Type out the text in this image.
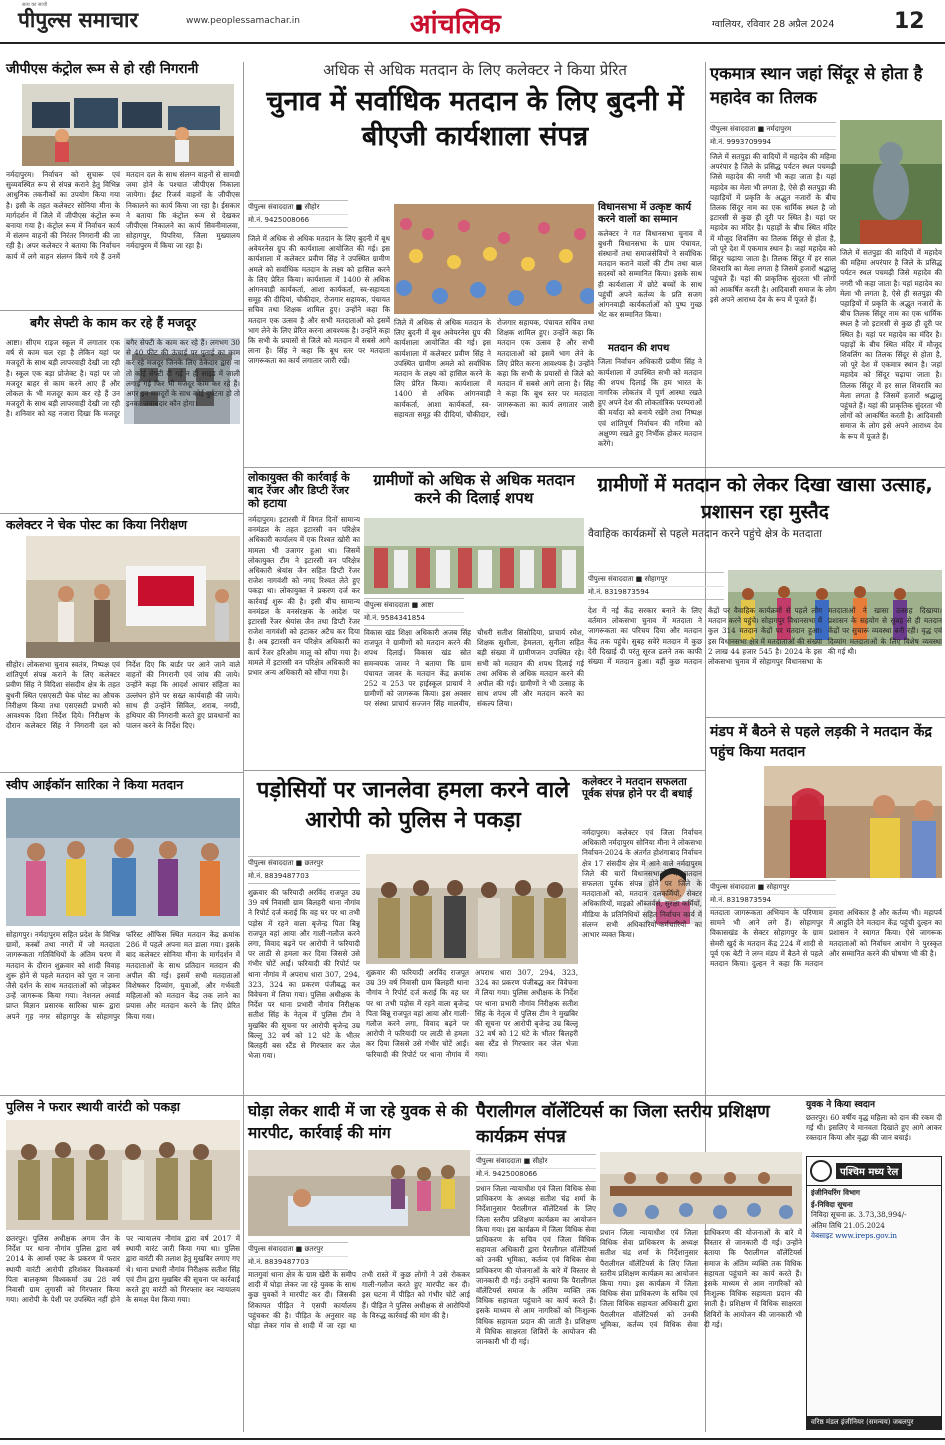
पीपुल्स समाचार
सत्य का साथी
www.peoplessamachar.in	आंचलिक	ग्वालियर, रविवार 28 अप्रैल 2024	12
जीपीएस कंट्रोल रूम से हो रही निगरानी
नर्मदापुरम। निर्वाचन को सुचारू एवं सुव्यवस्थित रूप से संपन्न कराने हेतु विभिन्न आधुनिक तकनीकों का उपयोग किया गया है। इसी के तहत कलेक्टर सोनिया मीना के मार्गदर्शन में जिले में जीपीएस कंट्रोल रूम बनाया गया है। कंट्रोल रूम में निर्वाचन कार्य में संलग्न वाहनों की निरंतर निगरानी की जा रही है। अपर कलेक्टर ने बताया कि निर्वाचन कार्य में लगे वाहन संलग्न किये गये हैं उनमें मतदान दल के साथ संलग्न वाहनों से सामग्री जमा होने के पश्चात जीपीएस निकाला जायेगा। ईस्ट रिजर्व वाहनों के जीपीएस निकालने का कार्य किया जा रहा है। ईसकार ने बताया कि कंट्रोल रूम से देखकर जीपीएस निकालने का कार्य सिवनीमालवा, सोहागपुर, पिपरिया, जिला मुख्यालय नर्मदापुरम में किया जा रहा है।
बगैर सेफ्टी के काम कर रहे हैं मजदूर
आष्टा। सीएम राइज स्कूल में लगातार एक वर्ष से काम चल रहा है लेकिन यहां पर मजदूरों के साथ बड़ी लापरवाही देखी जा रही है। स्कूल एक बड़ा प्रोजेक्ट है। यहां पर जो मजदूर बाहर से काम करने आए हैं और लोकल के भी मजदूर काम कर रहे हैं उन मजदूरों के साथ बड़ी लापरवाही देखी जा रही है। शनिवार को यह नजारा दिखा कि मजदूर बगैर सेफ्टी के काम कर रहे हैं। लगभग 30 से 40 फीट की ऊंचाई पर पुताई का काम कर रहे मजदूर जिनके लिए ठेकेदार द्वारा ना तो कोई सेफ्टी दी गई न ही साइड में जाली लगाई गई फिर भी मजदूर काम कर रहे हैं। अगर इन मजदूरों के साथ कोई दुर्घटना हो तो इनका जवाबदार कौन होगा।
कलेक्टर ने चेक पोस्ट का किया निरीक्षण
सीहोर। लोकसभा चुनाव स्वतंत्र, निष्पक्ष एवं शांतिपूर्ण संपन्न कराने के लिए कलेक्टर प्रवीण सिंह ने विदिशा संसदीय क्षेत्र के तहत बुधनी स्थित एसएसटी चेक पोस्ट का औचक निरीक्षण किया तथा एसएसटी प्रभारी को आवश्यक दिशा निर्देश दिये। निरीक्षण के दौरान कलेक्टर सिंह ने निगरानी दल को निर्देश दिए कि बार्डर पर आने जाने वाले वाहनों की निगरानी एवं जांच की जाये। उन्होंने कहा कि आदर्श आचार संहिता का उल्लंघन होने पर सख्त कार्यवाही की जाये। साथ ही उन्होंने सिविल, शराब, नगदी, हथियार की निगरानी करते हुए प्रावधानों का पालन करने के निर्देश दिए।
स्वीप आईकॉन सारिका ने किया मतदान
सोहागपुर। नर्मदापुरम सहित प्रदेश के विभिन्न ग्रामों, कस्बों तथा नगरों में जो मतदाता जागरूकता गतिविधियों के अंतिम चरण में मतदान के दौरान शुक्रवार को शादी विवाह शुरू होने से पहले मतदान को पूरा न जाना जैसे दर्शन के साथ मतदाताओं को जोड़कर उन्हें जागरूक किया गया। नेशनल अवार्ड प्राप्त विज्ञान प्रसारक सारिका घारू द्वारा अपने गृह नगर सोहागपुर के सोहागपुर फॉरेस्ट ऑफिस स्थित मतदान केंद्र क्रमांक 286 में पहले अपना मत डाला गया। इसके बाद कलेक्टर सोनिया मीना के मार्गदर्शन में मतदाताओं के साथ प्रतिदान मतदान की अपील की गई। इसमें सभी मतदाताओं विशेषकर दिव्यांग, युवाओं, और गर्भवती महिलाओं को मतदान केंद्र तक लाने का प्रयास और मतदान करने के लिए प्रेरित किया गया।
पुलिस ने फरार स्थायी वारंटी को पकड़ा
छतरपुर। पुलिस अधीक्षक अगम जैन के निर्देश पर थाना नौगांव पुलिस द्वारा वर्ष 2014 के आर्म्स एक्ट के प्रकरण में फरार स्थायी वारंटी आरोपी हरिशंकर विश्वकर्मा पिता बालकृष्ण विश्वकर्मा उम्र 28 वर्ष निवासी ग्राम लुगासी को गिरफ्तार किया गया। आरोपी के पेशी पर उपस्थित नहीं होने पर न्यायालय नौगांव द्वारा वर्ष 2017 में स्थायी वारंट जारी किया गया था। पुलिस द्वारा वारंटी की तलाश हेतु मुखबिर लगाए गए थे। थाना प्रभारी नौगांव निरीक्षक सतीश सिंह एवं टीम द्वारा मुखबिर की सूचना पर कार्रवाई करते हुए वारंटी को गिरफ्तार कर न्यायालय के समक्ष पेश किया गया।
अधिक से अधिक मतदान के लिए कलेक्टर ने किया प्रेरित
चुनाव में सर्वाधिक मतदान के लिए बुदनी में बीएजी कार्यशाला संपन्न
पीपुल्स संवाददाता ■ सीहोर
मो.नं. 9425008066
जिले में अधिक से अधिक मतदान के लिए बुदनी में बूथ अवेयरनेस ग्रुप की कार्यशाला आयोजित की गई। इस कार्यशाला में कलेक्टर प्रवीण सिंह ने उपस्थित ग्रामीण अमले को सर्वाधिक मतदान के लक्ष्य को हासिल करने के लिए प्रेरित किया। कार्यशाला में 1400 से अधिक आंगनवाड़ी कार्यकर्ता, आशा कार्यकर्ता, स्व-सहायता समूह की दीदियां, चौकीदार, रोजगार सहायक, पंचायत सचिव तथा शिक्षक शामिल हुए। उन्होंने कहा कि मतदान एक उत्सव है और सभी मतदाताओं को इसमें भाग लेने के लिए प्रेरित करना आवश्यक है। उन्होंने कहा कि सभी के प्रयासों से जिले को मतदान में सबसे आगे लाना है। सिंह ने कहा कि बूथ स्तर पर मतदाता जागरूकता का कार्य लगातार जारी रखें।
जिले में अधिक से अधिक मतदान के लिए बुदनी में बूथ अवेयरनेस ग्रुप की कार्यशाला आयोजित की गई। इस कार्यशाला में कलेक्टर प्रवीण सिंह ने उपस्थित ग्रामीण अमले को सर्वाधिक मतदान के लक्ष्य को हासिल करने के लिए प्रेरित किया। कार्यशाला में 1400 से अधिक आंगनवाड़ी कार्यकर्ता, आशा कार्यकर्ता, स्व-सहायता समूह की दीदियां, चौकीदार, रोजगार सहायक, पंचायत सचिव तथा शिक्षक शामिल हुए। उन्होंने कहा कि मतदान एक उत्सव है और सभी मतदाताओं को इसमें भाग लेने के लिए प्रेरित करना आवश्यक है। उन्होंने कहा कि सभी के प्रयासों से जिले को मतदान में सबसे आगे लाना है। सिंह ने कहा कि बूथ स्तर पर मतदाता जागरूकता का कार्य लगातार जारी रखें।
विधानसभा में उत्कृष्ट कार्य करने वालों का सम्मान
कलेक्टर ने गत विधानसभा चुनाव में बुधनी विधानसभा के ग्राम पंचायत, संस्थानों तथा समाजसेवियों ने सर्वाधिक मतदान कराने वालों की टीम तथा बाल सदस्यों को सम्मानित किया। इसके साथ ही कार्यशाला में छोटे बच्चों के साथ पहुंचीं अपने कर्तव्य के प्रति सजग आंगनवाड़ी कार्यकर्ताओं को पुष्प गुच्छ भेंट कर सम्मानित किया।
मतदान की शपथ
जिला निर्वाचन अधिकारी प्रवीण सिंह ने कार्यशाला में उपस्थित सभी को मतदान की शपथ दिलाई कि हम भारत के नागरिक लोकतंत्र में पूर्ण आस्था रखते हुए अपने देश की लोकतांत्रिक परम्पराओं की मर्यादा को बनाये रखेंगे तथा निष्पक्ष एवं शांतिपूर्ण निर्वाचन की गरिमा को अक्षुण्ण रखते हुए निर्भीक होकर मतदान करेंगे।
लोकायुक्त की कार्रवाई के बाद रेंजर और डिप्टी रेंजर को हटाया
नर्मदापुरम। इटारसी में विगत दिनों सामान्य वनमंडल के तहत इटारसी वन परिक्षेत्र अधिकारी कार्यालय में एक रिश्वत खोरी का मामला भी उजागर हुआ था। जिसमें लोकायुक्त टीम ने इटारसी वन परिक्षेत्र अधिकारी श्रेयांस जैन सहित डिप्टी रेंजर राजेश नागवंशी को नगद रिश्वत लेते हुए पकड़ा था। लोकायुक्त ने प्रकरण दर्ज कर कार्रवाई शुरू की है। इसी बीच सामान्य वनमंडल के वनसंरक्षक के आदेश पर इटारसी रेंजर श्रेयांस जैन तथा डिप्टी रेंजर राजेश नागवंशी को हटाकर अटैच कर दिया है। अब इटारसी वन परिक्षेत्र अधिकारी का कार्य रेंजर हरिओम मालू को सौंपा गया है। मामले में इटारसी वन परिक्षेत्र अधिकारी का प्रभार अन्य अधिकारी को सौंपा गया है।
ग्रामीणों को अधिक से अधिक मतदान करने की दिलाई शपथ
पीपुल्स संवाददाता ■ आष्टा
मो.नं. 9584341854
विकास खंड शिक्षा अधिकारी अजब सिंह राजपूत ने ग्रामीणों को मतदान करने की शपथ दिलाई। विकास खंड स्रोत समन्वयक जावर ने बताया कि ग्राम पंचायत जावर के मतदान केंद्र क्रमांक 252 व 253 पर हाईस्कूल प्राचार्य ने ग्रामीणों को जागरूक किया। इस अवसर पर संस्था प्राचार्य सज्जन सिंह मालवीय, चौधरी सतीश सिसोदिया, प्राचार्य रमेश, शिक्षक सुशीला, हेमलता, सुनीता सहित बड़ी संख्या में ग्रामीणजन उपस्थित रहे। सभी को मतदान की शपथ दिलाई गई तथा अधिक से अधिक मतदान करने की अपील की गई। ग्रामीणों ने भी उत्साह के साथ शपथ ली और मतदान करने का संकल्प लिया।
ग्रामीणों में मतदान को लेकर दिखा खासा उत्साह, प्रशासन रहा मुस्तैद
वैवाहिक कार्यक्रमों से पहले मतदान करने पहुंचे क्षेत्र के मतदाता
पीपुल्स संवाददाता ■ सोहागपुर
मो.नं. 8319873594
देश में नई केंद्र सरकार बनाने के लिए वर्तमान लोकसभा चुनाव में मतदाता ने जागरूकता का परिचय दिया और मतदान केंद्र तक पहुंचे। सुबह सवेरे मतदान में कुछ देरी दिखाई दी परंतु सूरज ढलने तक काफी संख्या में मतदान हुआ। वहीं कुछ मतदान केंद्रों पर वैवाहिक कार्यक्रमों से पहले लोग मतदान करने पहुंचे। सोहागपुर विधानसभा में कुल 314 मतदान केंद्रों पर मतदान हुआ। इस विधानसभा क्षेत्र में मतदाताओं की संख्या 2 लाख 44 हजार 545 है। 2024 के इस लोकसभा चुनाव में सोहागपुर विधानसभा के मतदाताओं ने खासा उत्साह दिखाया। प्रशासन के सहयोग से सुबह से ही मतदान केंद्रों पर सुचारू व्यवस्था बनी रही। वृद्ध एवं दिव्यांग मतदाताओं के लिए विशेष व्यवस्था की गई थी।
पड़ोसियों पर जानलेवा हमला करने वाले आरोपी को पुलिस ने पकड़ा
पीपुल्स संवाददाता ■ छतरपुर
मो.नं. 8839487703
शुक्रवार की फरियादी अरविंद राजपूत उम्र 39 वर्ष निवासी ग्राम बिलहरी थाना नौगांव ने रिपोर्ट दर्ज कराई कि वह घर पर था तभी पड़ोस में रहने वाला बृजेन्द्र पिता बिन्नू राजपूत वहां आया और गाली-गलौज करने लगा, विवाद बढ़ने पर आरोपी ने फरियादी पर लाठी से हमला कर दिया जिससे उसे गंभीर चोटें आईं। फरियादी की रिपोर्ट पर थाना नौगांव में अपराध धारा 307, 294, 323, 324 का प्रकरण पंजीबद्ध कर विवेचना में लिया गया। पुलिस अधीक्षक के निर्देश पर थाना प्रभारी नौगांव निरीक्षक सतीश सिंह के नेतृत्व में पुलिस टीम ने मुखबिर की सूचना पर आरोपी बृजेन्द्र उम्र बिल्लू 32 वर्ष को 12 घंटे के भीतर बिलहरी बस स्टैंड से गिरफ्तार कर जेल भेजा गया।
शुक्रवार की फरियादी अरविंद राजपूत उम्र 39 वर्ष निवासी ग्राम बिलहरी थाना नौगांव ने रिपोर्ट दर्ज कराई कि वह घर पर था तभी पड़ोस में रहने वाला बृजेन्द्र पिता बिन्नू राजपूत वहां आया और गाली-गलौज करने लगा, विवाद बढ़ने पर आरोपी ने फरियादी पर लाठी से हमला कर दिया जिससे उसे गंभीर चोटें आईं। फरियादी की रिपोर्ट पर थाना नौगांव में अपराध धारा 307, 294, 323, 324 का प्रकरण पंजीबद्ध कर विवेचना में लिया गया। पुलिस अधीक्षक के निर्देश पर थाना प्रभारी नौगांव निरीक्षक सतीश सिंह के नेतृत्व में पुलिस टीम ने मुखबिर की सूचना पर आरोपी बृजेन्द्र उम्र बिल्लू 32 वर्ष को 12 घंटे के भीतर बिलहरी बस स्टैंड से गिरफ्तार कर जेल भेजा गया।
कलेक्टर ने मतदान सफलता पूर्वक संपन्न होने पर दी बधाई
नर्मदापुरम। कलेक्टर एवं जिला निर्वाचन अधिकारी नर्मदापुरम सोनिया मीना ने लोकसभा निर्वाचन-2024 के अंतर्गत होशंगाबाद निर्वाचन क्षेत्र 17 संसदीय क्षेत्र में आने वाले नर्मदापुरम जिले की चारों विधानसभाओं में मतदान सफलता पूर्वक संपन्न होने पर जिले के मतदाताओं को, मतदान दलकर्मियों, सेक्टर अधिकारियों, माइक्रो ऑब्जर्वर्स, सुरक्षा कर्मियों, मीडिया के प्रतिनिधियों सहित निर्वाचन कार्य में संलग्न सभी अधिकारियों-कर्मचारियों का आभार व्यक्त किया।
एकमात्र स्थान जहां सिंदूर से होता है महादेव का तिलक
पीपुल्स संवाददाता ■ नर्मदापुरम
मो.नं. 9993709994
जिले में सतपुड़ा की वादियों में महादेव की महिमा अपरंपार है जिले के प्रसिद्ध पर्यटन स्थल पचमढ़ी जिसे महादेव की नगरी भी कहा जाता है। यहां महादेव का मेला भी लगता है, ऐसे ही सतपुड़ा की पहाड़ियों में प्रकृति के अद्भुत नजारों के बीच तिलक सिंदूर नाम का एक धार्मिक स्थल है जो इटारसी से कुछ ही दूरी पर स्थित है। यहां पर महादेव का मंदिर है। पहाड़ों के बीच स्थित मंदिर में मौजूद शिवलिंग का तिलक सिंदूर से होता है, जो पूरे देश में एकमात्र स्थान है। जहां महादेव को सिंदूर चढ़ाया जाता है। तिलक सिंदूर में हर साल शिवरात्रि का मेला लगता है जिसमें हजारों श्रद्धालु पहुंचते हैं। यहां की प्राकृतिक सुंदरता भी लोगों को आकर्षित करती है। आदिवासी समाज के लोग इसे अपने आराध्य देव के रूप में पूजते हैं।
जिले में सतपुड़ा की वादियों में महादेव की महिमा अपरंपार है जिले के प्रसिद्ध पर्यटन स्थल पचमढ़ी जिसे महादेव की नगरी भी कहा जाता है। यहां महादेव का मेला भी लगता है, ऐसे ही सतपुड़ा की पहाड़ियों में प्रकृति के अद्भुत नजारों के बीच तिलक सिंदूर नाम का एक धार्मिक स्थल है जो इटारसी से कुछ ही दूरी पर स्थित है। यहां पर महादेव का मंदिर है। पहाड़ों के बीच स्थित मंदिर में मौजूद शिवलिंग का तिलक सिंदूर से होता है, जो पूरे देश में एकमात्र स्थान है। जहां महादेव को सिंदूर चढ़ाया जाता है। तिलक सिंदूर में हर साल शिवरात्रि का मेला लगता है जिसमें हजारों श्रद्धालु पहुंचते हैं। यहां की प्राकृतिक सुंदरता भी लोगों को आकर्षित करती है। आदिवासी समाज के लोग इसे अपने आराध्य देव के रूप में पूजते हैं।
मंडप में बैठने से पहले लड़की ने मतदान केंद्र पहुंच किया मतदान
पीपुल्स संवाददाता ■ सोहागपुर
मो.नं. 8319873594
मतदाता जागरूकता अभियान के परिणाम सामने भी आने लगे हैं। सोहागपुर विकासखंड के सेक्टर सोहागपुर के ग्राम सेमरी खुर्द के मतदान केंद्र 224 में शादी से पूर्व एक बेटी ने लग्न मंडप में बैठने से पहले मतदान किया। दुल्हन ने कहा कि मतदान हमारा अधिकार है और कर्तव्य भी। महापर्व में आहुति देने मतदान केंद्र पहुंची दुल्हन का प्रशासन ने स्वागत किया। ऐसे जागरूक मतदाताओं को निर्वाचन आयोग ने पुरस्कृत और सम्मानित करने की घोषणा भी की है।
घोड़ा लेकर शादी में जा रहे युवक से की मारपीट, कार्रवाई की मांग
पीपुल्स संवाददाता ■ छतरपुर
मो.नं. 8839487703
मातगुवां थाना क्षेत्र के ग्राम खेरी के समीप शादी में घोड़ा लेकर जा रहे युवक के साथ कुछ युवकों ने मारपीट कर दी। जिसकी शिकायत पीड़ित ने एसपी कार्यालय पहुंचकर की है। पीड़ित के अनुसार वह घोड़ा लेकर गांव से शादी में जा रहा था तभी रास्ते में कुछ लोगों ने उसे रोककर गाली-गलौज करते हुए मारपीट कर दी। इस घटना में पीड़ित को गंभीर चोटें आई हैं। पीड़ित ने पुलिस अधीक्षक से आरोपियों के विरुद्ध कार्रवाई की मांग की है।
पैरालीगल वॉलेंटियर्स का जिला स्तरीय प्रशिक्षण कार्यक्रम संपन्न
पीपुल्स संवाददाता ■ सीहोर
मो.नं. 9425008066
प्रधान जिला न्यायाधीश एवं जिला विधिक सेवा प्राधिकरण के अध्यक्ष सतीश चंद्र शर्मा के निर्देशानुसार पैरालीगल वॉलेंटियर्स के लिए जिला स्तरीय प्रशिक्षण कार्यक्रम का आयोजन किया गया। इस कार्यक्रम में जिला विधिक सेवा प्राधिकरण के सचिव एवं जिला विधिक सहायता अधिकारी द्वारा पैरालीगल वॉलेंटियर्स को उनकी भूमिका, कर्तव्य एवं विधिक सेवा प्राधिकरण की योजनाओं के बारे में विस्तार से जानकारी दी गई। उन्होंने बताया कि पैरालीगल वॉलेंटियर्स समाज के अंतिम व्यक्ति तक विधिक सहायता पहुंचाने का कार्य करते हैं। इसके माध्यम से आम नागरिकों को निःशुल्क विधिक सहायता प्रदान की जाती है। प्रशिक्षण में विधिक साक्षरता शिविरों के आयोजन की जानकारी भी दी गई।
प्रधान जिला न्यायाधीश एवं जिला विधिक सेवा प्राधिकरण के अध्यक्ष सतीश चंद्र शर्मा के निर्देशानुसार पैरालीगल वॉलेंटियर्स के लिए जिला स्तरीय प्रशिक्षण कार्यक्रम का आयोजन किया गया। इस कार्यक्रम में जिला विधिक सेवा प्राधिकरण के सचिव एवं जिला विधिक सहायता अधिकारी द्वारा पैरालीगल वॉलेंटियर्स को उनकी भूमिका, कर्तव्य एवं विधिक सेवा प्राधिकरण की योजनाओं के बारे में विस्तार से जानकारी दी गई। उन्होंने बताया कि पैरालीगल वॉलेंटियर्स समाज के अंतिम व्यक्ति तक विधिक सहायता पहुंचाने का कार्य करते हैं। इसके माध्यम से आम नागरिकों को निःशुल्क विधिक सहायता प्रदान की जाती है। प्रशिक्षण में विधिक साक्षरता शिविरों के आयोजन की जानकारी भी दी गई।
युवक ने किया स्वदान
छतरपुर। 60 वर्षीय वृद्ध महिला को दान की रकम दी गई थी। इसलिए ये मानवता दिखाते हुए आगे आकर रक्तदान किया और वृद्धा की जान बचाई।
पश्चिम मध्य रेल
इंजीनियरिंग विभाग
ई-निविदा सूचना
निविदा सूचना क्र. 3.73,38,994/-
अंतिम तिथि 21.05.2024
वेबसाइट www.ireps.gov.in
वरिष्ठ मंडल इंजीनियर (समन्वय) जबलपुर
